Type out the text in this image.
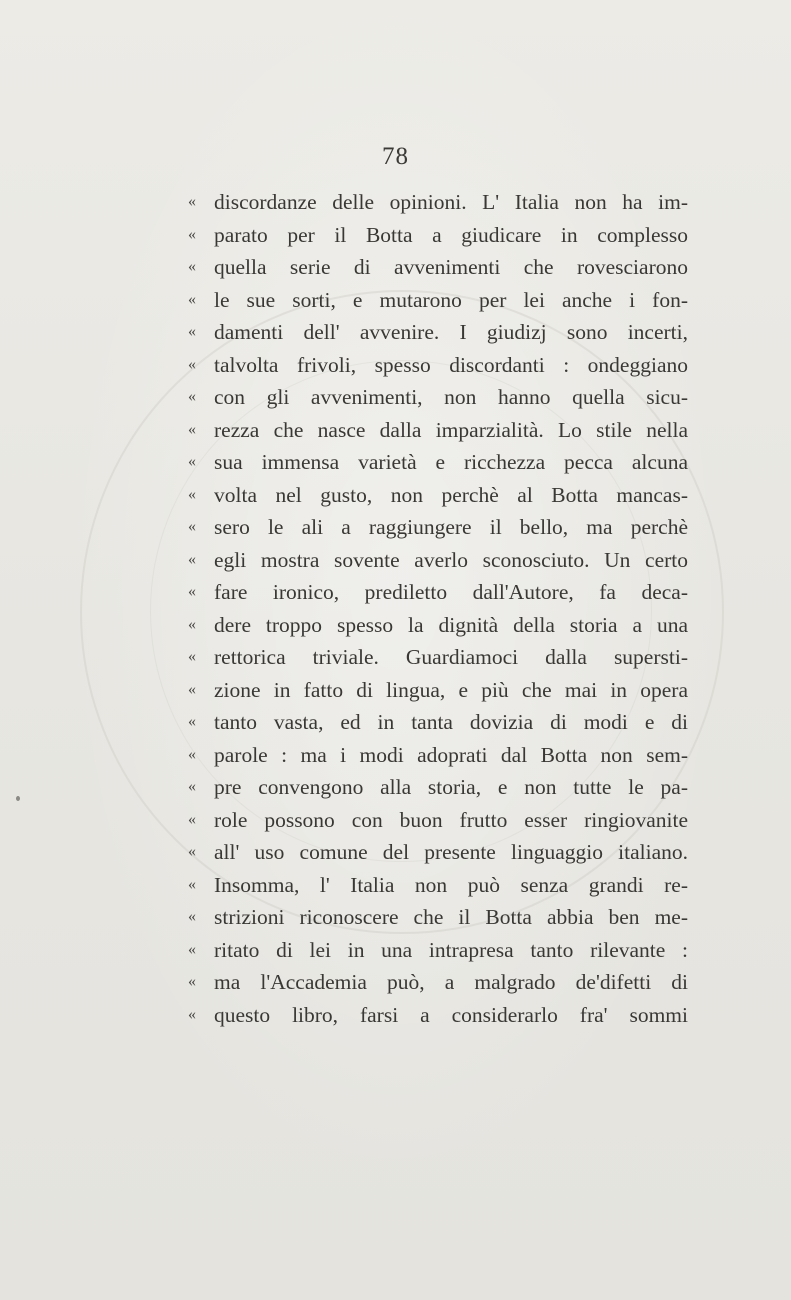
78
« discordanze delle opinioni. L' Italia non ha im-
« parato per il Botta a giudicare in complesso
« quella serie di avvenimenti che rovesciarono
« le sue sorti, e mutarono per lei anche i fon-
« damenti dell' avvenire. I giudizj sono incerti,
« talvolta frivoli, spesso discordanti : ondeggiano
« con gli avvenimenti, non hanno quella sicu-
« rezza che nasce dalla imparzialità. Lo stile nella
« sua immensa varietà e ricchezza pecca alcuna
« volta nel gusto, non perchè al Botta mancas-
« sero le ali a raggiungere il bello, ma perchè
« egli mostra sovente averlo sconosciuto. Un certo
« fare ironico, prediletto dall'Autore, fa deca-
« dere troppo spesso la dignità della storia a una
« rettorica triviale. Guardiamoci dalla supersti-
« zione in fatto di lingua, e più che mai in opera
« tanto vasta, ed in tanta dovizia di modi e di
« parole : ma i modi adoprati dal Botta non sem-
« pre convengono alla storia, e non tutte le pa-
« role possono con buon frutto esser ringiovanite
« all' uso comune del presente linguaggio italiano.
« Insomma, l' Italia non può senza grandi re-
« strizioni riconoscere che il Botta abbia ben me-
« ritato di lei in una intrapresa tanto rilevante :
« ma l'Accademia può, a malgrado de'difetti di
« questo libro, farsi a considerarlo fra' sommi
